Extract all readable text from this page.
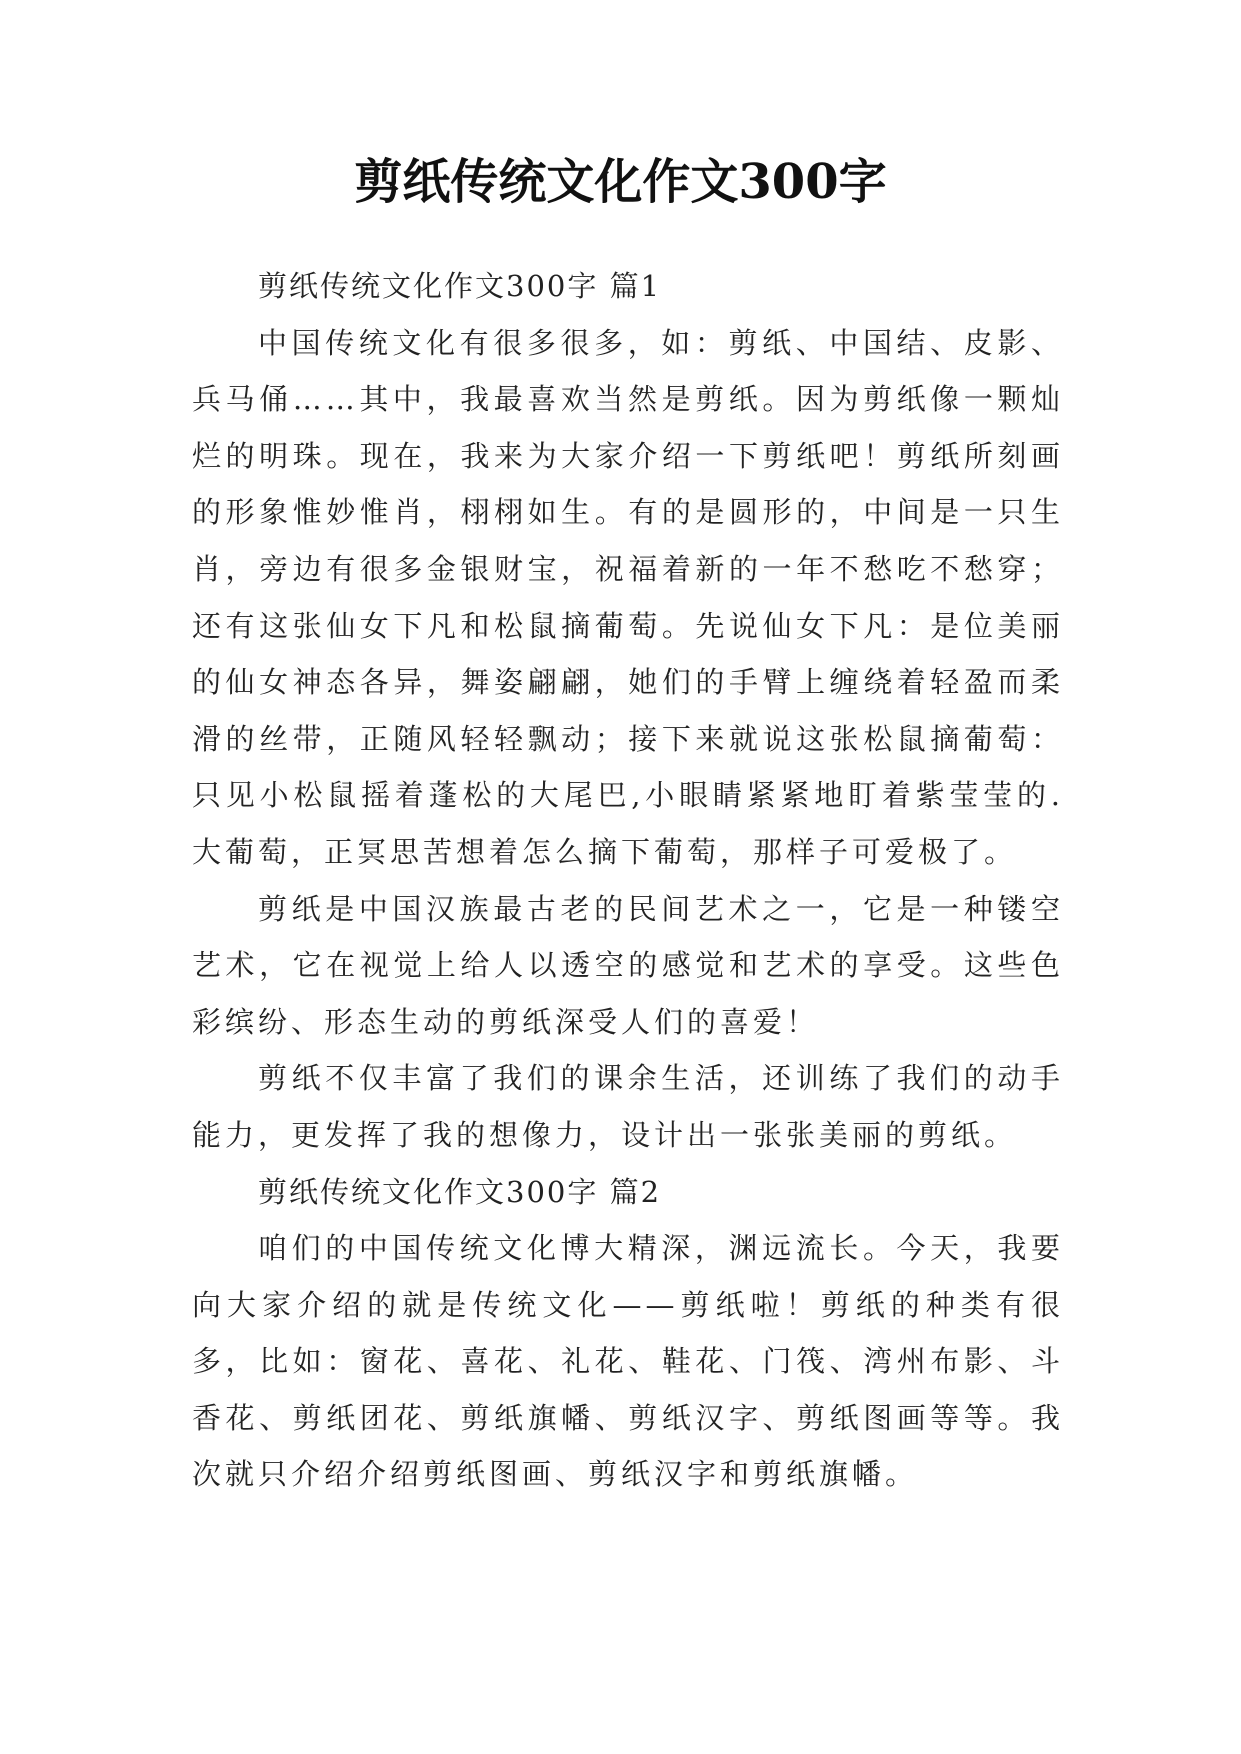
剪纸传统文化作文300字

剪纸传统文化作文300字 篇1

中国传统文化有很多很多，如：剪纸、中国结、皮影、兵马俑……其中，我最喜欢当然是剪纸。因为剪纸像一颗灿烂的明珠。现在，我来为大家介绍一下剪纸吧！剪纸所刻画的形象惟妙惟肖，栩栩如生。有的是圆形的，中间是一只生肖，旁边有很多金银财宝，祝福着新的一年不愁吃不愁穿；还有这张仙女下凡和松鼠摘葡萄。先说仙女下凡：是位美丽的仙女神态各异，舞姿翩翩，她们的手臂上缠绕着轻盈而柔滑的丝带，正随风轻轻飘动；接下来就说这张松鼠摘葡萄：只见小松鼠摇着蓬松的大尾巴,小眼睛紧紧地盯着紫莹莹的.大葡萄，正冥思苦想着怎么摘下葡萄，那样子可爱极了。

剪纸是中国汉族最古老的民间艺术之一，它是一种镂空艺术，它在视觉上给人以透空的感觉和艺术的享受。这些色彩缤纷、形态生动的剪纸深受人们的喜爱！

剪纸不仅丰富了我们的课余生活，还训练了我们的动手能力，更发挥了我的想像力，设计出一张张美丽的剪纸。

剪纸传统文化作文300字 篇2

咱们的中国传统文化博大精深，渊远流长。今天，我要向大家介绍的就是传统文化——剪纸啦！剪纸的种类有很多，比如：窗花、喜花、礼花、鞋花、门筏、湾州布影、斗香花、剪纸团花、剪纸旗幡、剪纸汉字、剪纸图画等等。我次就只介绍介绍剪纸图画、剪纸汉字和剪纸旗幡。
